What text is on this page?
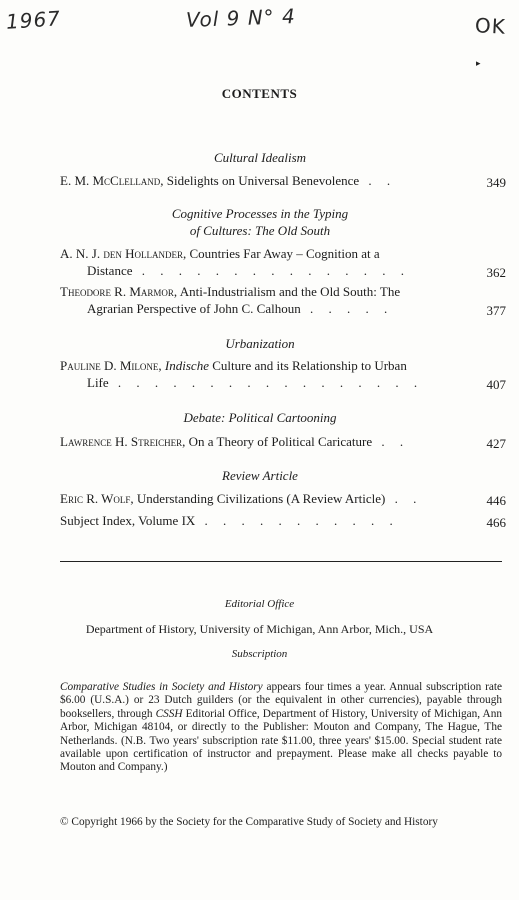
1967	Vol 9 N° 4	OK
▸
CONTENTS
Cultural Idealism
E. M. McClelland, Sidelights on Universal Benevolence . .	349
Cognitive Processes in the Typing
of Cultures: The Old South
A. N. J. den Hollander, Countries Far Away – Cognition at a
Distance . . . . . . . . . . . . . . .	362
Theodore R. Marmor, Anti-Industrialism and the Old South: The
Agrarian Perspective of John C. Calhoun . . . . .	377
Urbanization
Pauline D. Milone, Indische Culture and its Relationship to Urban
Life . . . . . . . . . . . . . . . . .	407
Debate: Political Cartooning
Lawrence H. Streicher, On a Theory of Political Caricature . .	427
Review Article
Eric R. Wolf, Understanding Civilizations (A Review Article) . .	446
Subject Index, Volume IX . . . . . . . . . . .	466
Editorial Office
Department of History, University of Michigan, Ann Arbor, Mich., USA
Subscription
Comparative Studies in Society and History appears four times a year. Annual subscription rate $6.00 (U.S.A.) or 23 Dutch guilders (or the equivalent in other currencies), payable through booksellers, through CSSH Editorial Office, Department of History, University of Michigan, Ann Arbor, Michigan 48104, or directly to the Publisher: Mouton and Company, The Hague, The Netherlands. (N.B. Two years' subscription rate $11.00, three years' $15.00. Special student rate available upon certification of instructor and prepayment. Please make all checks payable to Mouton and Company.)
© Copyright 1966 by the Society for the Comparative Study of Society and History
